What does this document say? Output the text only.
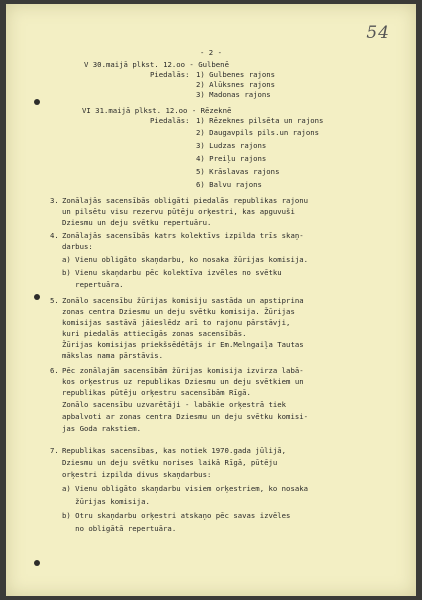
54
- 2 -
V 30.maijā plkst. 12.oo - Gulbenē
Piedalās: 1) Gulbenes rajons
2) Alūksnes rajons
3) Madonas rajons
VI 31.maijā plkst. 12.oo - Rēzeknē
Piedalās: 1) Rēzeknes pilsēta un rajons
2) Daugavpils pils.un rajons
3) Ludzas rajons
4) Preiļu rajons
5) Krāslavas rajons
6) Balvu rajons
3. Zonālajās sacensībās obligāti piedalās republikas rajonu
un pilsētu visu rezervu pūtēju orķestri, kas apguvuši
Dziesmu un deju svētku repertuāru.
4. Zonālajās sacensībās katrs kolektīvs izpilda trīs skaņ-
darbus:
a) Vienu obligāto skaņdarbu, ko nosaka žūrijas komisija.
b) Vienu skaņdarbu pēc kolektīva izvēles no svētku
repertuāra.
5. Zonālo sacensību žūrijas komisiju sastāda un apstiprina
zonas centra Dziesmu un deju svētku komisija. Žūrijas
komisijas sastāvā jāieslēdz arī to rajonu pārstāvji,
kuri piedalās attiecīgās zonas sacensībās.
Žūrijas komisijas priekšsēdētājs ir Em.Melngaiļa Tautas
mākslas nama pārstāvis.
6. Pēc zonālajām sacensībām žūrijas komisija izvirza labā-
kos orķestrus uz republikas Dziesmu un deju svētkiem un
republikas pūtēju orķestru sacensībām Rīgā.
Zonālo sacensību uzvarētāji - labākie orķestrā tiek
apbalvoti ar zonas centra Dziesmu un deju svētku komisi-
jas Goda rakstiem.
7. Republikas sacensības, kas notiek 1970.gada jūlijā,
Dziesmu un deju svētku norises laikā Rīgā, pūtēju
orķestri izpilda divus skaņdarbus:
a) Vienu obligāto skaņdarbu visiem orķestriem, ko nosaka
žūrijas komisija.
b) Otru skaņdarbu orķestri atskaņo pēc savas izvēles
no obligātā repertuāra.
